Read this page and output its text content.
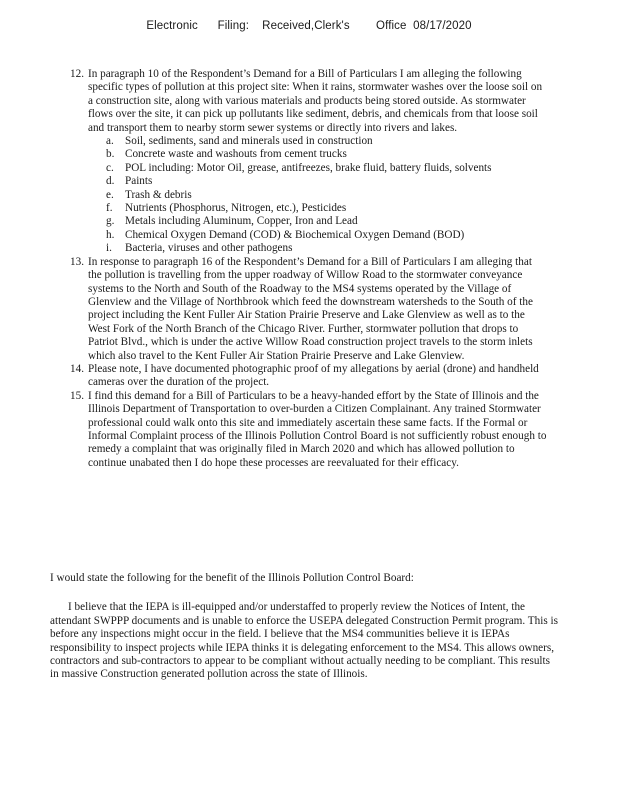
Electronic      Filing:    Received,Clerk's        Office  08/17/2020
12. In paragraph 10 of the Respondent’s Demand for a Bill of Particulars I am alleging the following specific types of pollution at this project site: When it rains, stormwater washes over the loose soil on a construction site, along with various materials and products being stored outside. As stormwater flows over the site, it can pick up pollutants like sediment, debris, and chemicals from that loose soil and transport them to nearby storm sewer systems or directly into rivers and lakes.
a. Soil, sediments, sand and minerals used in construction
b. Concrete waste and washouts from cement trucks
c. POL including: Motor Oil, grease, antifreezes, brake fluid, battery fluids, solvents
d. Paints
e. Trash & debris
f. Nutrients (Phosphorus, Nitrogen, etc.), Pesticides
g. Metals including Aluminum, Copper, Iron and Lead
h. Chemical Oxygen Demand (COD) & Biochemical Oxygen Demand (BOD)
i. Bacteria, viruses and other pathogens
13. In response to paragraph 16 of the Respondent’s Demand for a Bill of Particulars I am alleging that the pollution is travelling from the upper roadway of Willow Road to the stormwater conveyance systems to the North and South of the Roadway to the MS4 systems operated by the Village of Glenview and the Village of Northbrook which feed the downstream watersheds to the South of the project including the Kent Fuller Air Station Prairie Preserve and Lake Glenview as well as to the West Fork of the North Branch of the Chicago River. Further, stormwater pollution that drops to Patriot Blvd., which is under the active Willow Road construction project travels to the storm inlets which also travel to the Kent Fuller Air Station Prairie Preserve and Lake Glenview.
14. Please note, I have documented photographic proof of my allegations by aerial (drone) and handheld cameras over the duration of the project.
15. I find this demand for a Bill of Particulars to be a heavy-handed effort by the State of Illinois and the Illinois Department of Transportation to over-burden a Citizen Complainant. Any trained Stormwater professional could walk onto this site and immediately ascertain these same facts. If the Formal or Informal Complaint process of the Illinois Pollution Control Board is not sufficiently robust enough to remedy a complaint that was originally filed in March 2020 and which has allowed pollution to continue unabated then I do hope these processes are reevaluated for their efficacy.

I would state the following for the benefit of the Illinois Pollution Control Board:

I believe that the IEPA is ill-equipped and/or understaffed to properly review the Notices of Intent, the attendant SWPPP documents and is unable to enforce the USEPA delegated Construction Permit program. This is before any inspections might occur in the field. I believe that the MS4 communities believe it is IEPAs responsibility to inspect projects while IEPA thinks it is delegating enforcement to the MS4. This allows owners, contractors and sub-contractors to appear to be compliant without actually needing to be compliant. This results in massive Construction generated pollution across the state of Illinois.
